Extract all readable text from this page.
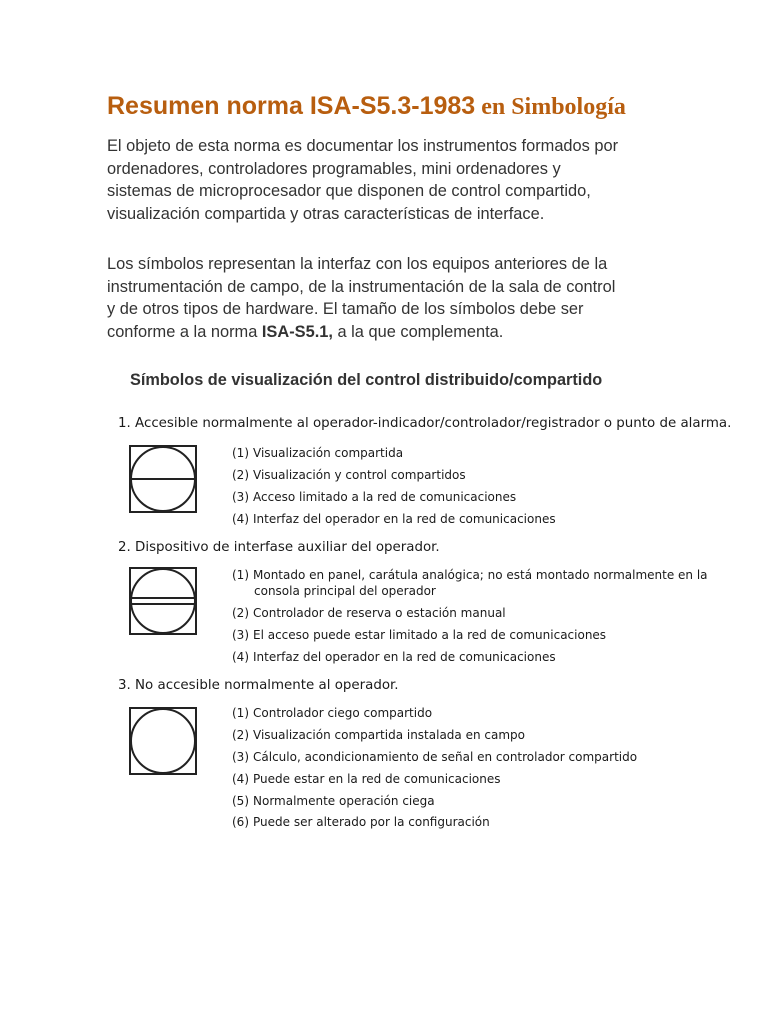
Resumen norma ISA-S5.3-1983 en Simbología

El objeto de esta norma es documentar los instrumentos formados por
ordenadores, controladores programables, mini ordenadores y
sistemas de microprocesador que disponen de control compartido,
visualización compartida y otras características de interface.

Los símbolos representan la interfaz con los equipos anteriores de la
instrumentación de campo, de la instrumentación de la sala de control
y de otros tipos de hardware. El tamaño de los símbolos debe ser
conforme a la norma ISA-S5.1, a la que complementa.

Símbolos de visualización del control distribuido/compartido
1. Accesible normalmente al operador-indicador/controlador/registrador o punto de alarma.

(1) Visualización compartida

(2) Visualización y control compartidos

(3) Acceso limitado a la red de comunicaciones

(4) Interfaz del operador en la red de comunicaciones

2. Dispositivo de interfase auxiliar del operador.

(1) Montado en panel, carátula analógica; no está montado normalmente en la
consola principal del operador

(2) Controlador de reserva o estación manual

(3) El acceso puede estar limitado a la red de comunicaciones

(4) Interfaz del operador en la red de comunicaciones

3. No accesible normalmente al operador.

(1) Controlador ciego compartido

(2) Visualización compartida instalada en campo

(3) Cálculo, acondicionamiento de señal en controlador compartido

(4) Puede estar en la red de comunicaciones

(5) Normalmente operación ciega

(6) Puede ser alterado por la configuración
